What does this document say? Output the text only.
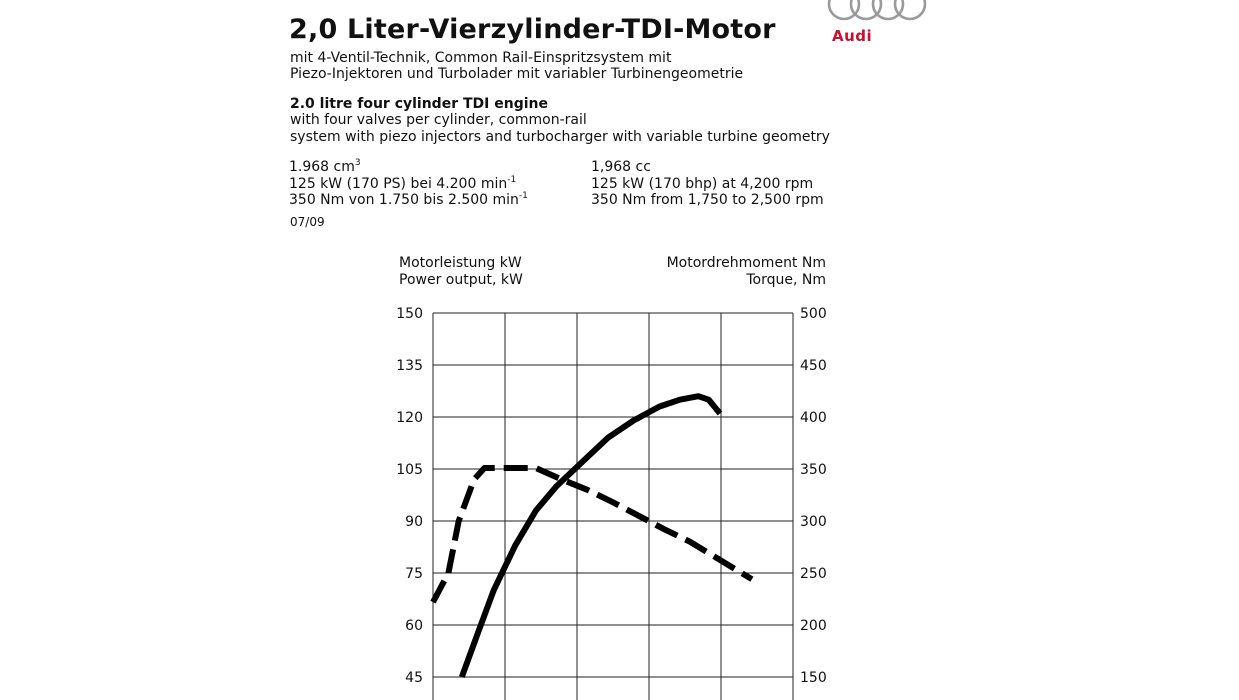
2,0 Liter-Vierzylinder-TDI-Motor
mit 4-Ventil-Technik, Common Rail-Einspritzsystem mit
Piezo-Injektoren und Turbolader mit variabler Turbinengeometrie
2.0 litre four cylinder TDI engine
with four valves per cylinder, common-rail
system with piezo injectors and turbocharger with variable turbine geometry
Audi
1.968 $cm^3$
125 kW (170 PS) bei 4.200 $\min^{-1}$
350 Nm von 1.750 bis 2.500 $\min^{-1}$
07/09
1,968 cc
125 kW (170 bhp) at 4,200 rpm
350 Nm from 1,750 to 2,500 rpm
Motorleistung kW
Power output, kW
Motordrehmoment Nm
Torque, Nm
150
135
120
105
90
75
60
45
500
450
400
350
300
250
200
150
